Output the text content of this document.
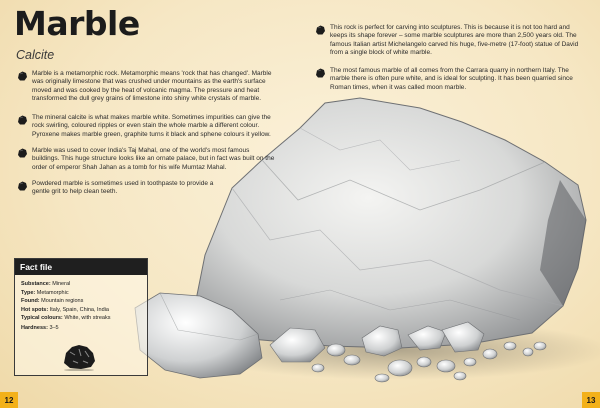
Marble
Calcite
Marble is a metamorphic rock. Metamorphic means 'rock that has changed'. Marble was originally limestone that was crushed under mountains as the earth's surface moved and was cooked by the heat of volcanic magma. The pressure and heat transformed the dull grey grains of limestone into shiny white crystals of marble.
The mineral calcite is what makes marble white. Sometimes impurities can give the rock swirling, coloured ripples or even stain the whole marble a different colour. Pyroxene makes marble green, graphite turns it black and sphene colours it yellow.
Marble was used to cover India's Taj Mahal, one of the world's most famous buildings. This huge structure looks like an ornate palace, but in fact was built on the order of emperor Shah Jahan as a tomb for his wife Mumtaz Mahal.
Powdered marble is sometimes used in toothpaste to provide a gentle grit to help clean teeth.
This rock is perfect for carving into sculptures. This is because it is not too hard and keeps its shape forever – some marble sculptures are more than 2,500 years old. The famous Italian artist Michelangelo carved his huge, five-metre (17-foot) statue of David from a single block of white marble.
The most famous marble of all comes from the Carrara quarry in northern Italy. The marble there is often pure white, and is ideal for sculpting. It has been quarried since Roman times, when it was called moon marble.
Fact file
Substance: Mineral
Type: Metamorphic
Found: Mountain regions
Hot spots: Italy, Spain, China, India
Typical colours: White, with streaks
Hardness: 3–5
12	13
